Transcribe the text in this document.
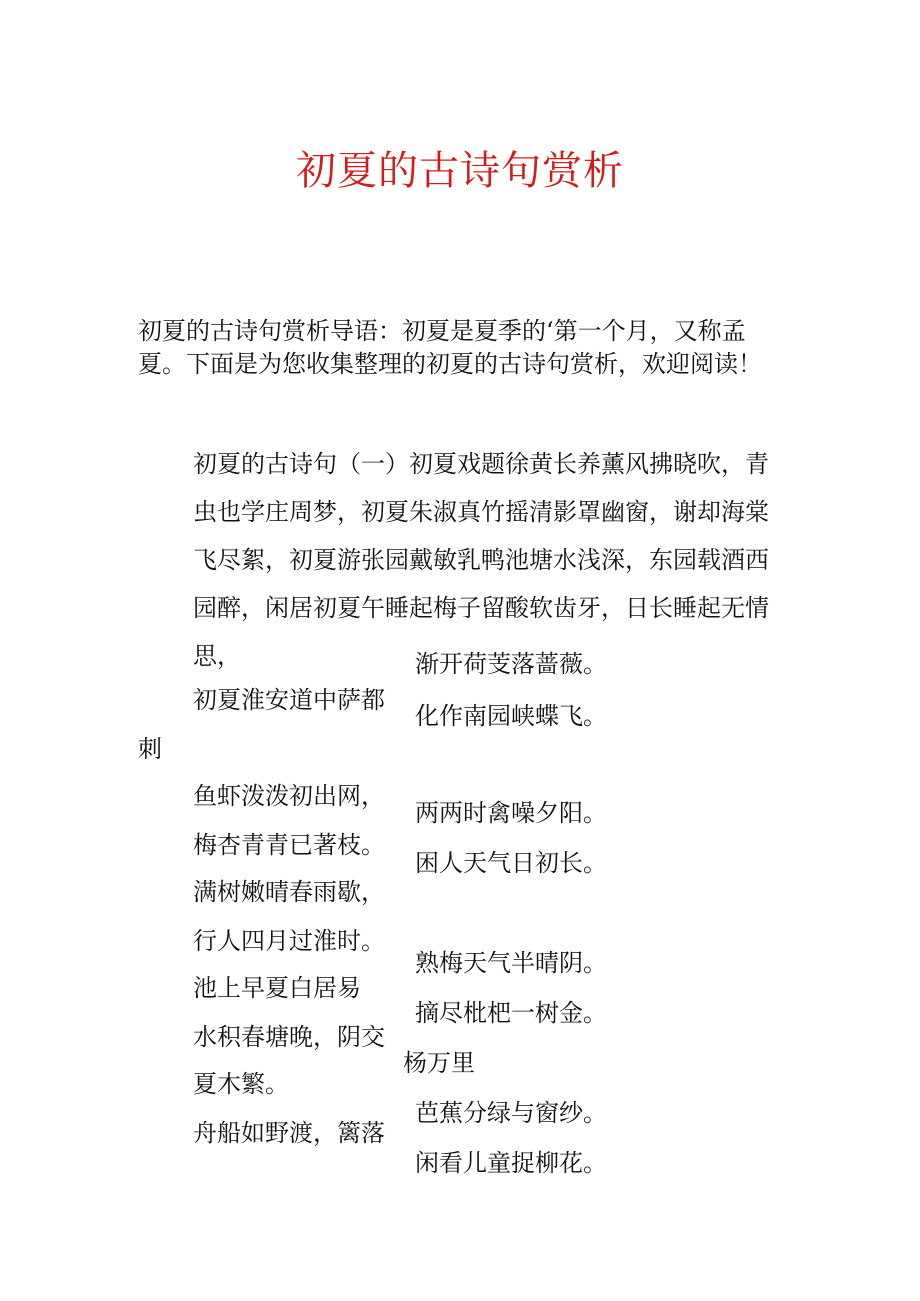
初夏的古诗句赏析
初夏的古诗句赏析导语：初夏是夏季的‘第一个月，又称孟夏。下面是为您收集整理的初夏的古诗句赏析，欢迎阅读！
初夏的古诗句（一）初夏戏题徐黄长养薰风拂晓吹，青虫也学庄周梦，初夏朱淑真竹摇清影罩幽窗，谢却海棠飞尽絮，初夏游张园戴敏乳鸭池塘水浅深，东园载酒西园醉，闲居初夏午睡起梅子留酸软齿牙，日长睡起无情思，
初夏淮安道中萨都
刺
鱼虾泼泼初出网，
梅杏青青已著枝。
满树嫩晴春雨歇，
行人四月过淮时。
池上早夏白居易
水积春塘晚，阴交
夏木繁。
舟船如野渡，篱落
渐开荷芰落蔷薇。
化作南园峡蝶飞。
两两时禽噪夕阳。
困人天气日初长。
熟梅天气半晴阴。
摘尽枇杷一树金。
杨万里
芭蕉分绿与窗纱。
闲看儿童捉柳花。
